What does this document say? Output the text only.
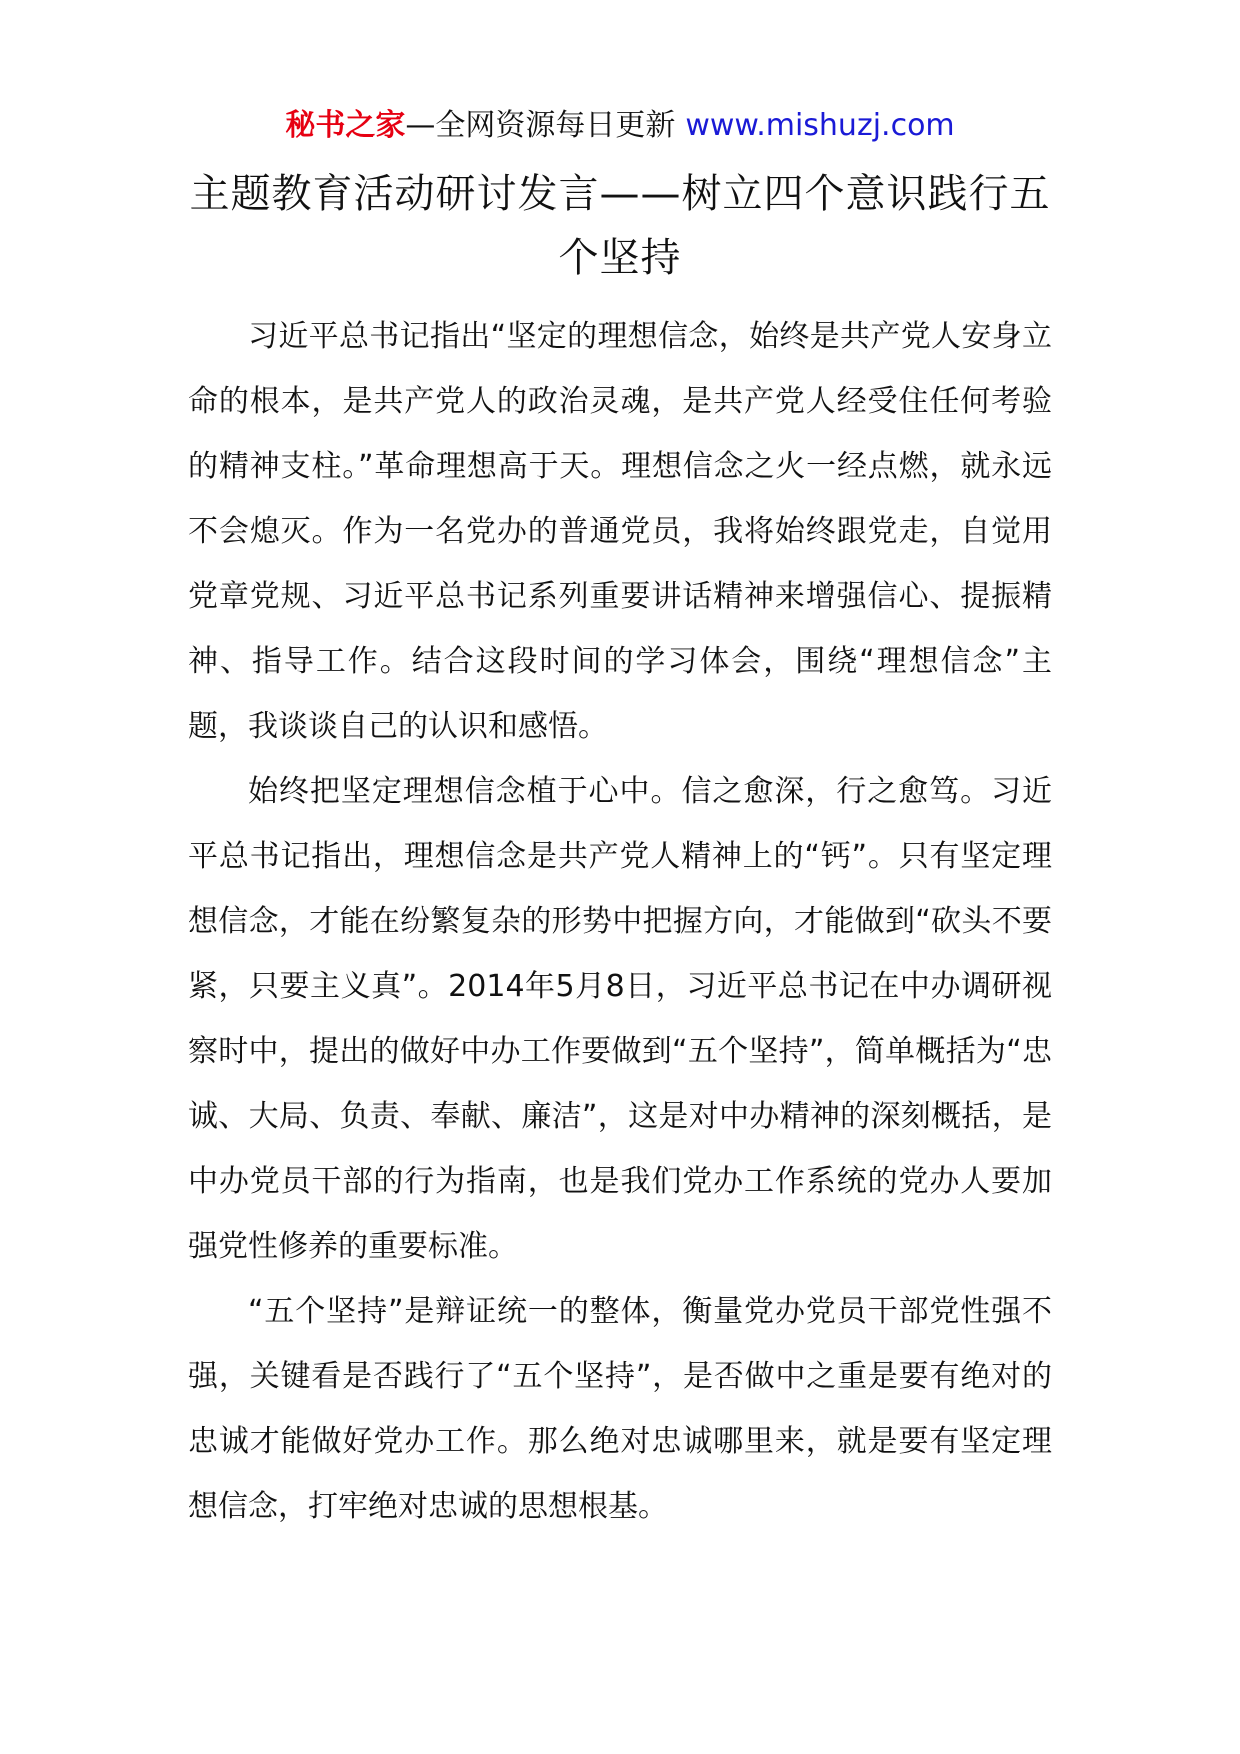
秘书之家—全网资源每日更新 www.mishuzj.com
主题教育活动研讨发言——树立四个意识践行五个坚持

习近平总书记指出“坚定的理想信念，始终是共产党人安身立命的根本，是共产党人的政治灵魂，是共产党人经受住任何考验的精神支柱。”革命理想高于天。理想信念之火一经点燃，就永远不会熄灭。作为一名党办的普通党员，我将始终跟党走，自觉用党章党规、习近平总书记系列重要讲话精神来增强信心、提振精神、指导工作。结合这段时间的学习体会，围绕“理想信念”主题，我谈谈自己的认识和感悟。

始终把坚定理想信念植于心中。信之愈深，行之愈笃。习近平总书记指出，理想信念是共产党人精神上的“钙”。只有坚定理想信念，才能在纷繁复杂的形势中把握方向，才能做到“砍头不要紧，只要主义真”。2014年5月8日，习近平总书记在中办调研视察时中，提出的做好中办工作要做到“五个坚持”，简单概括为“忠诚、大局、负责、奉献、廉洁”，这是对中办精神的深刻概括，是中办党员干部的行为指南，也是我们党办工作系统的党办人要加强党性修养的重要标准。

“五个坚持”是辩证统一的整体，衡量党办党员干部党性强不强，关键看是否践行了“五个坚持”，是否做中之重是要有绝对的忠诚才能做好党办工作。那么绝对忠诚哪里来，就是要有坚定理想信念，打牢绝对忠诚的思想根基。
